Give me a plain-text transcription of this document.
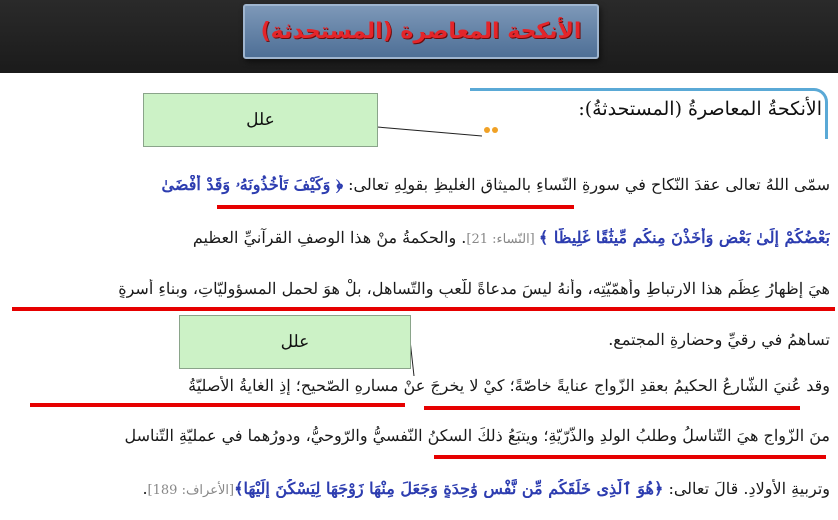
الأنكحة المعاصرة (المستحدثة)
الأنكحةُ المعاصرةُ (المستحدثةُ):
سمّى اللهُ تعالى عقدَ النّكاحِ في سورةِ النّساءِ بالميثاقِ الغليظِ بقولِهِ تعالى: ﴿ وَكَيْفَ تَأْخُذُونَهُۥ وَقَدْ أَفْضَىٰ
بَعْضُكُمْ إِلَىٰ بَعْضٍ وَأَخَذْنَ مِنكُم مِّيثَٰقًا غَلِيظًا ﴾ [النّساء: 21]. والحكمةُ منْ هذا الوصفِ القرآنيِّ العظيمِ
هيَ إظهارُ عِظَمِ هذا الارتباطِ وأهمّيّتِه، وأنهُ ليسَ مدعاةً للّعبِ والتّساهلِ، بلْ هوَ لحملِ المسؤوليّاتِ، وبناءِ أسرةٍ
تساهمُ في رقيِّ وحضارةِ المجتمعِ.
وقد عُنيَ الشّارعُ الحكيمُ بعقدِ الزّواجِ عنايةً خاصّةً؛ كيْ لا يخرجَ عنْ مسارِهِ الصّحيحِ؛ إذِ الغايةُ الأصليّةُ
منَ الزّواجِ هيَ التّناسلُ وطلبُ الولدِ والذّرّيّةِ؛ ويتبَعُ ذلكَ السكنُ النّفسيُّ والرّوحيُّ، ودورُهما في عمليّةِ التّناسلِ
وتربيةِ الأولادِ. قالَ تعالى: ﴿هُوَ ٱلَّذِى خَلَقَكُم مِّن نَّفْسٍ وَٰحِدَةٍ وَجَعَلَ مِنْهَا زَوْجَهَا لِيَسْكُنَ إِلَيْهَا﴾[الأعراف: 189].
علل
علل
